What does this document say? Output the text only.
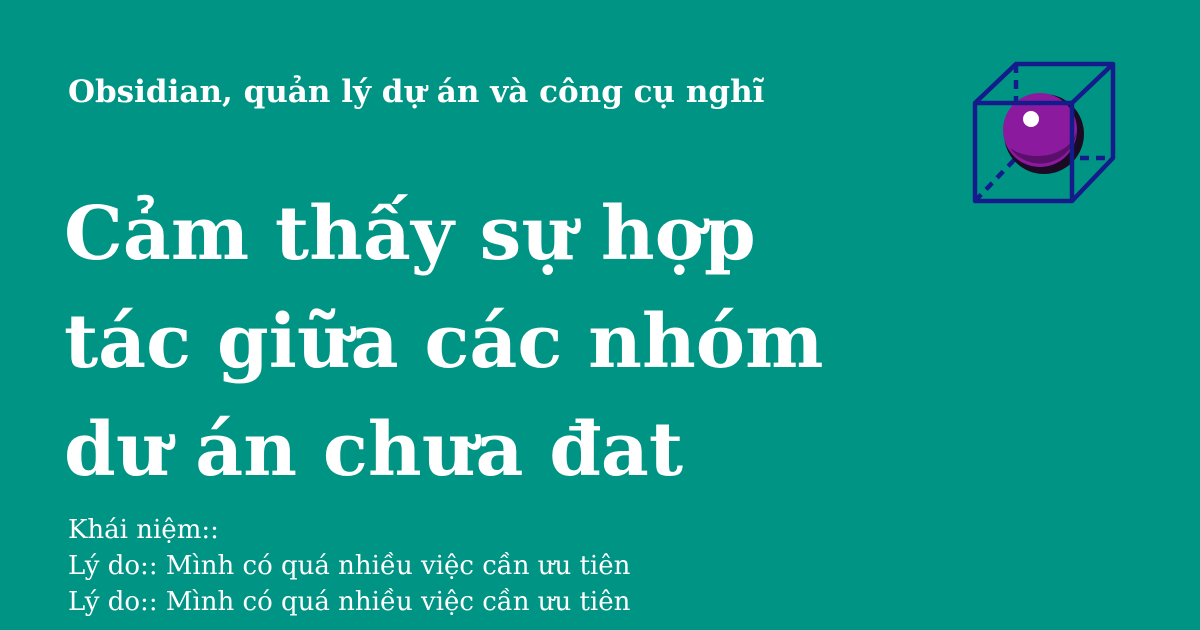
Obsidian, quản lý dự án và công cụ nghĩ
Cảm thấy sự hợp
tác giữa các nhóm
dư án chưa đat
Khái niệm::
Lý do:: Mình có quá nhiều việc cần ưu tiên
Lý do:: Mình có quá nhiều việc cần ưu tiên
